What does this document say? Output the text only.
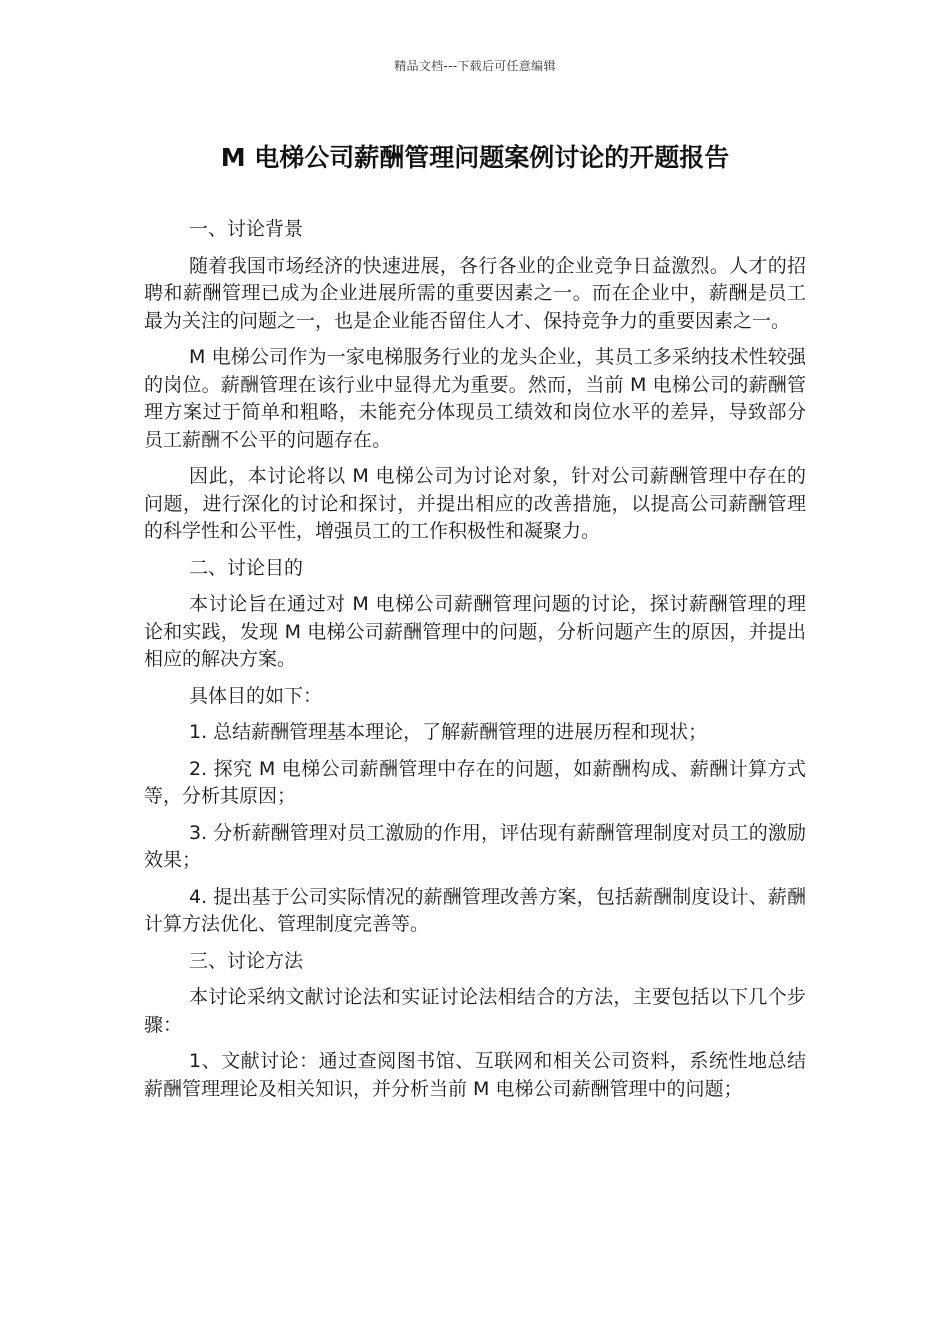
精品文档---下载后可任意编辑
M 电梯公司薪酬管理问题案例讨论的开题报告

一、讨论背景

随着我国市场经济的快速进展，各行各业的企业竞争日益激烈。人才的招聘和薪酬管理已成为企业进展所需的重要因素之一。而在企业中，薪酬是员工最为关注的问题之一，也是企业能否留住人才、保持竞争力的重要因素之一。

M 电梯公司作为一家电梯服务行业的龙头企业，其员工多采纳技术性较强的岗位。薪酬管理在该行业中显得尤为重要。然而，当前 M 电梯公司的薪酬管理方案过于简单和粗略，未能充分体现员工绩效和岗位水平的差异，导致部分员工薪酬不公平的问题存在。

因此，本讨论将以 M 电梯公司为讨论对象，针对公司薪酬管理中存在的问题，进行深化的讨论和探讨，并提出相应的改善措施，以提高公司薪酬管理的科学性和公平性，增强员工的工作积极性和凝聚力。

二、讨论目的

本讨论旨在通过对 M 电梯公司薪酬管理问题的讨论，探讨薪酬管理的理论和实践，发现 M 电梯公司薪酬管理中的问题，分析问题产生的原因，并提出相应的解决方案。

具体目的如下：

1. 总结薪酬管理基本理论，了解薪酬管理的进展历程和现状；

2. 探究 M 电梯公司薪酬管理中存在的问题，如薪酬构成、薪酬计算方式等，分析其原因；

3. 分析薪酬管理对员工激励的作用，评估现有薪酬管理制度对员工的激励效果；

4. 提出基于公司实际情况的薪酬管理改善方案，包括薪酬制度设计、薪酬计算方法优化、管理制度完善等。

三、讨论方法

本讨论采纳文献讨论法和实证讨论法相结合的方法，主要包括以下几个步骤：

1、文献讨论：通过查阅图书馆、互联网和相关公司资料，系统性地总结薪酬管理理论及相关知识，并分析当前 M 电梯公司薪酬管理中的问题；
